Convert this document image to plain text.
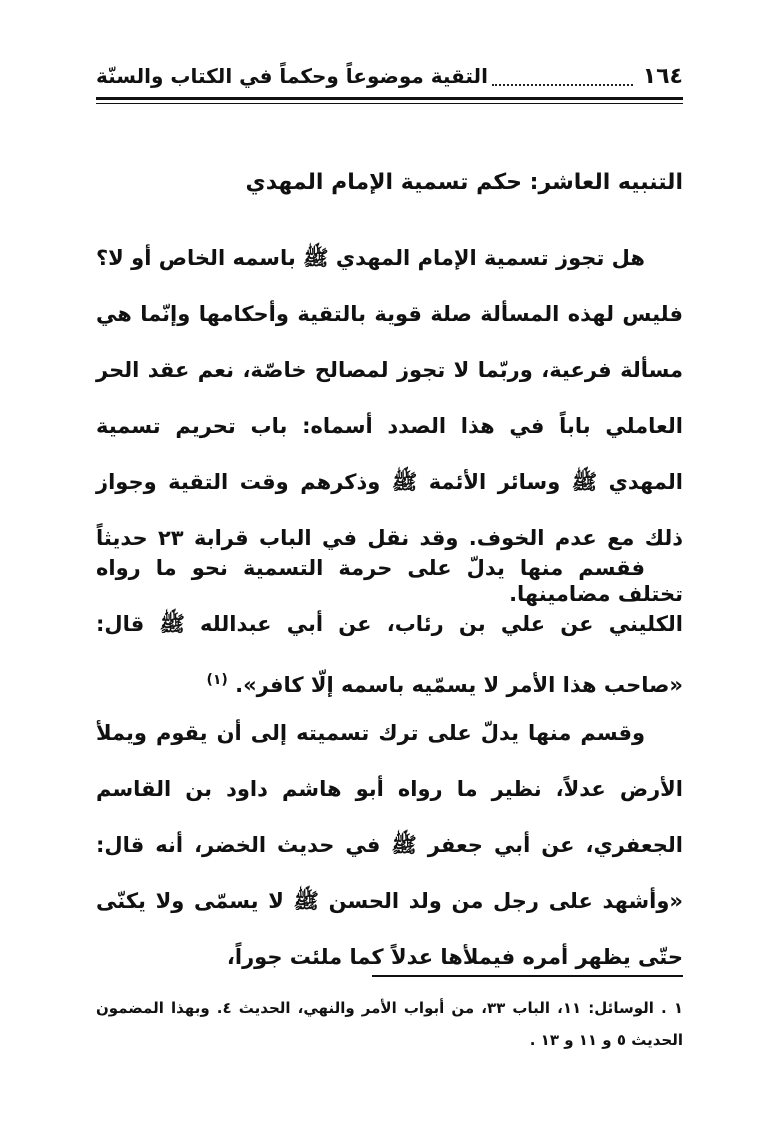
١٦٤
التقية موضوعاً وحكماً في الكتاب والسنّة
التنبيه العاشر: حكم تسمية الإمام المهدي

هل تجوز تسمية الإمام المهدي ﷺ باسمه الخاص أو لا؟ فليس لهذه المسألة صلة قوية بالتقية وأحكامها وإنّما هي مسألة فرعية، وربّما لا تجوز لمصالح خاصّة، نعم عقد الحر العاملي باباً في هذا الصدد أسماه: باب تحريم تسمية المهدي ﷺ وسائر الأئمة ﷺ وذكرهم وقت التقية وجواز ذلك مع عدم الخوف. وقد نقل في الباب قرابة ٢٣ حديثاً تختلف مضامينها.

فقسم منها يدلّ على حرمة التسمية نحو ما رواه الكليني عن علي بن رئاب، عن أبي عبدالله ﷺ قال: «صاحب هذا الأمر لا يسمّيه باسمه إلّا كافر». $^{(١)}$

وقسم منها يدلّ على ترك تسميته إلى أن يقوم ويملأ الأرض عدلاً، نظير ما رواه أبو هاشم داود بن القاسم الجعفري، عن أبي جعفر ﷺ في حديث الخضر، أنه قال: «وأشهد على رجل من ولد الحسن ﷺ لا يسمّى ولا يكنّى حتّى يظهر أمره فيملأها عدلاً كما ملئت جوراً،

١ . الوسائل: ١١، الباب ٣٣، من أبواب الأمر والنهي، الحديث ٤. وبهذا المضمون الحديث ٥ و ١١ و ١٣ .
